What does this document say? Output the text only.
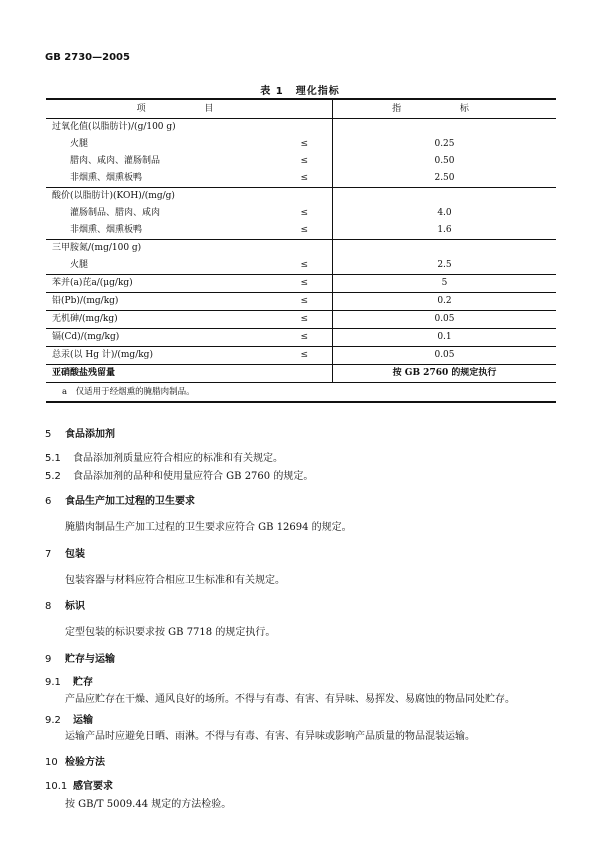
GB 2730—2005
表 1 理化指标
项 目		指 标
过氧化值(以脂肪计)/(g/100 g)		
火腿	≤	0.25
腊肉、咸肉、灌肠制品	≤	0.50
非烟熏、烟熏板鸭	≤	2.50
酸价(以脂肪计)(KOH)/(mg/g)		
灌肠制品、腊肉、咸肉	≤	4.0
非烟熏、烟熏板鸭	≤	1.6
三甲胺氮/(mg/100 g)		
火腿	≤	2.5
苯并(a)芘a/(μg/kg)	≤	5
铅(Pb)/(mg/kg)	≤	0.2
无机砷/(mg/kg)	≤	0.05
镉(Cd)/(mg/kg)	≤	0.1
总汞(以 Hg 计)/(mg/kg)	≤	0.05
亚硝酸盐残留量		按 GB 2760 的规定执行
a　仅适用于经烟熏的腌腊肉制品。		
5 食品添加剂
5.1 食品添加剂质量应符合相应的标准和有关规定。
5.2 食品添加剂的品种和使用量应符合 GB 2760 的规定。
6 食品生产加工过程的卫生要求
腌腊肉制品生产加工过程的卫生要求应符合 GB 12694 的规定。
7 包装
包装容器与材料应符合相应卫生标准和有关规定。
8 标识
定型包装的标识要求按 GB 7718 的规定执行。
9 贮存与运输
9.1 贮存
产品应贮存在干燥、通风良好的场所。不得与有毒、有害、有异味、易挥发、易腐蚀的物品同处贮存。
9.2 运输
运输产品时应避免日晒、雨淋。不得与有毒、有害、有异味或影响产品质量的物品混装运输。
10 检验方法
10.1 感官要求
按 GB/T 5009.44 规定的方法检验。
